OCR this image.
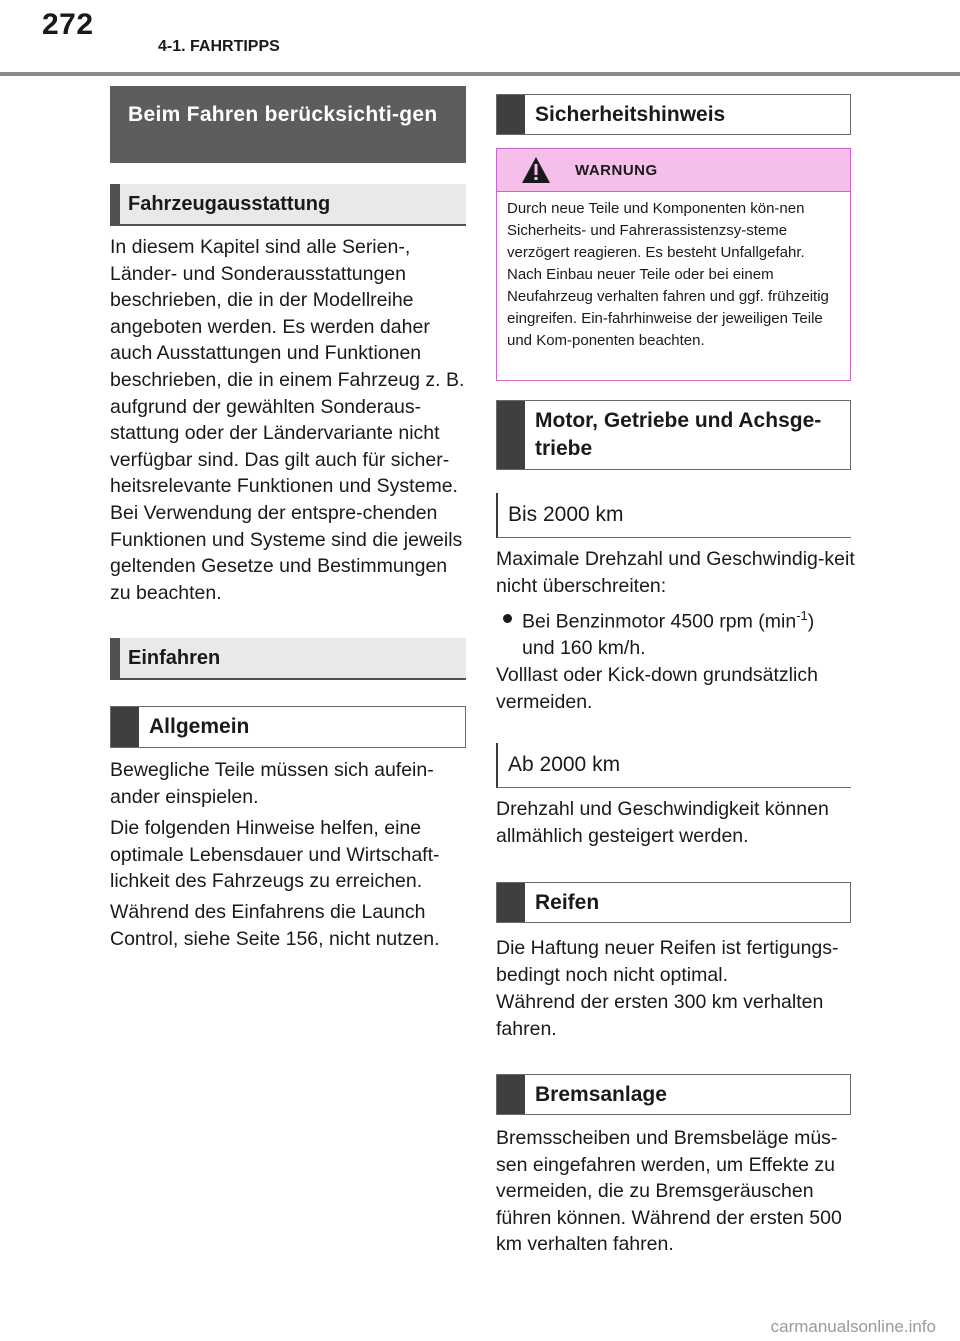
272
4-1. FAHRTIPPS
Beim Fahren berücksichti-gen
Fahrzeugausstattung
In diesem Kapitel sind alle Serien-, Länder- und Sonderausstattungen beschrieben, die in der Modellreihe angeboten werden. Es werden daher auch Ausstattungen und Funktionen beschrieben, die in einem Fahrzeug z. B. aufgrund der gewählten Sonderaus-stattung oder der Ländervariante nicht verfügbar sind. Das gilt auch für sicher-heitsrelevante Funktionen und Systeme. Bei Verwendung der entspre-chenden Funktionen und Systeme sind die jeweils geltenden Gesetze und Bestimmungen zu beachten.
Einfahren
Allgemein
Bewegliche Teile müssen sich aufein-ander einspielen.
Die folgenden Hinweise helfen, eine optimale Lebensdauer und Wirtschaft-lichkeit des Fahrzeugs zu erreichen.
Während des Einfahrens die Launch Control, siehe Seite 156, nicht nutzen.
Sicherheitshinweis
WARNUNG
Durch neue Teile und Komponenten kön-nen Sicherheits- und Fahrerassistenzsy-steme verzögert reagieren. Es besteht Unfallgefahr. Nach Einbau neuer Teile oder bei einem Neufahrzeug verhalten fahren und ggf. frühzeitig eingreifen. Ein-fahrhinweise der jeweiligen Teile und Kom-ponenten beachten.
Motor, Getriebe und Achsge-triebe
Bis 2000 km
Maximale Drehzahl und Geschwindig-keit nicht überschreiten:
Bei Benzinmotor 4500 rpm $(\min^{-1})$
und 160 km/h.
Volllast oder Kick-down grundsätzlich vermeiden.
Ab 2000 km
Drehzahl und Geschwindigkeit können allmählich gesteigert werden.
Reifen
Die Haftung neuer Reifen ist fertigungs-bedingt noch nicht optimal.
Während der ersten 300 km verhalten fahren.
Bremsanlage
Bremsscheiben und Bremsbeläge müs-sen eingefahren werden, um Effekte zu vermeiden, die zu Bremsgeräuschen führen können. Während der ersten 500 km verhalten fahren.
carmanualsonline.info
